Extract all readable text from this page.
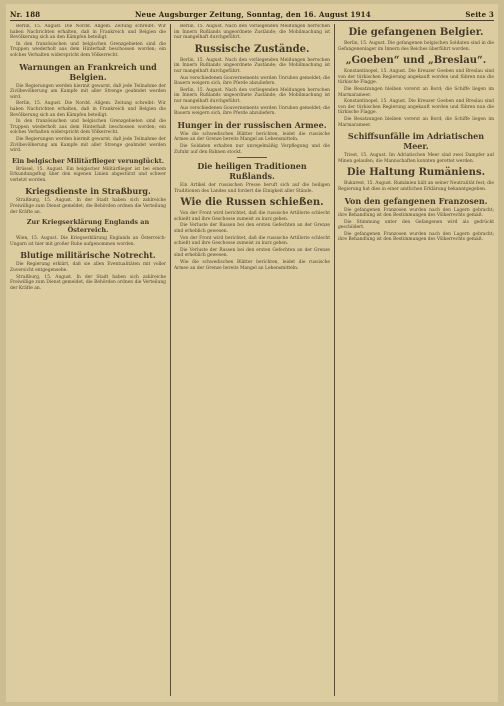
Nr. 188	Neue Augsburger Zeitung, Sonntag, den 16. August 1914	Seite 3

Berlin, 15. August. Die Nordd. Allgem. Zeitung schreibt: Wir haben Nachrichten erhalten, daß in Frankreich und Belgien die Bevölkerung sich an den Kämpfen beteiligt.

In den französischen und belgischen Grenzgebieten sind die Truppen wiederholt aus dem Hinterhalt beschossen worden; ein solches Verhalten widerspricht dem Völkerrecht.

Warnungen an Frankreich und Belgien.

Die Regierungen werden hiermit gewarnt, daß jede Teilnahme der Zivilbevölkerung am Kampfe mit aller Strenge geahndet werden wird.

Berlin, 15. August. Die Nordd. Allgem. Zeitung schreibt: Wir haben Nachrichten erhalten, daß in Frankreich und Belgien die Bevölkerung sich an den Kämpfen beteiligt.

In den französischen und belgischen Grenzgebieten sind die Truppen wiederholt aus dem Hinterhalt beschossen worden; ein solches Verhalten widerspricht dem Völkerrecht.

Die Regierungen werden hiermit gewarnt, daß jede Teilnahme der Zivilbevölkerung am Kampfe mit aller Strenge geahndet werden wird.

Ein belgischer Militärflieger verunglückt.

Brüssel, 15. August. Ein belgischer Militärflieger ist bei einem Erkundungsflug über den eigenen Linien abgestürzt und schwer verletzt worden.

Kriegsdienste in Straßburg.

Straßburg, 15. August. In der Stadt haben sich zahlreiche Freiwillige zum Dienst gemeldet; die Behörden ordnen die Verteilung der Kräfte an.

Zur Kriegserklärung Englands an Österreich.

Wien, 15. August. Die Kriegserklärung Englands an Österreich-Ungarn ist hier mit großer Ruhe aufgenommen worden.

Blutige militärische Notrecht.

Die Regierung erklärt, daß sie allen Eventualitäten mit voller Zuversicht entgegensehe.

Straßburg, 15. August. In der Stadt haben sich zahlreiche Freiwillige zum Dienst gemeldet; die Behörden ordnen die Verteilung der Kräfte an.

Berlin, 15. August. Nach den vorliegenden Meldungen herrschen im Innern Rußlands ungeordnete Zustände; die Mobilmachung ist nur mangelhaft durchgeführt.

Russische Zustände.

Berlin, 15. August. Nach den vorliegenden Meldungen herrschen im Innern Rußlands ungeordnete Zustände; die Mobilmachung ist nur mangelhaft durchgeführt.

Aus verschiedenen Gouvernements werden Unruhen gemeldet; die Bauern weigern sich, ihre Pferde abzuliefern.

Berlin, 15. August. Nach den vorliegenden Meldungen herrschen im Innern Rußlands ungeordnete Zustände; die Mobilmachung ist nur mangelhaft durchgeführt.

Aus verschiedenen Gouvernements werden Unruhen gemeldet; die Bauern weigern sich, ihre Pferde abzuliefern.

Hunger in der russischen Armee.

Wie die schwedischen Blätter berichten, leidet die russische Armee an der Grenze bereits Mangel an Lebensmitteln.

Die Soldaten erhalten nur unregelmäßig Verpflegung und die Zufuhr auf den Bahnen stockt.

Die heiligen Traditionen Rußlands.

Ein Artikel der russischen Presse beruft sich auf die heiligen Traditionen des Landes und fordert die Einigkeit aller Stände.

Wie die Russen schießen.

Von der Front wird berichtet, daß die russische Artillerie schlecht schießt und ihre Geschosse zumeist zu kurz gehen.

Die Verluste der Russen bei den ersten Gefechten an der Grenze sind erheblich gewesen.

Von der Front wird berichtet, daß die russische Artillerie schlecht schießt und ihre Geschosse zumeist zu kurz gehen.

Die Verluste der Russen bei den ersten Gefechten an der Grenze sind erheblich gewesen.

Wie die schwedischen Blätter berichten, leidet die russische Armee an der Grenze bereits Mangel an Lebensmitteln.

Die gefangenen Belgier.

Berlin, 15. August. Die gefangenen belgischen Soldaten sind in die Gefangenenlager im Innern des Reiches überführt worden.

„Goeben“ und „Breslau“.

Konstantinopel, 15. August. Die Kreuzer Goeben und Breslau sind von der türkischen Regierung angekauft worden und führen nun die türkische Flagge.

Die Besatzungen bleiben vorerst an Bord; die Schiffe liegen im Marmarameer.

Konstantinopel, 15. August. Die Kreuzer Goeben und Breslau sind von der türkischen Regierung angekauft worden und führen nun die türkische Flagge.

Die Besatzungen bleiben vorerst an Bord; die Schiffe liegen im Marmarameer.

Schiffsunfälle im Adriatischen Meer.

Triest, 15. August. Im Adriatischen Meer sind zwei Dampfer auf Minen gelaufen; die Mannschaften konnten gerettet werden.

Die Haltung Rumäniens.

Bukarest, 15. August. Rumänien hält an seiner Neutralität fest; die Regierung hat dies in einer amtlichen Erklärung bekanntgegeben.

Von den gefangenen Franzosen.

Die gefangenen Franzosen wurden nach den Lagern gebracht; ihre Behandlung ist den Bestimmungen des Völkerrechts gemäß.

Die Stimmung unter den Gefangenen wird als gedrückt geschildert.

Die gefangenen Franzosen wurden nach den Lagern gebracht; ihre Behandlung ist den Bestimmungen des Völkerrechts gemäß.
